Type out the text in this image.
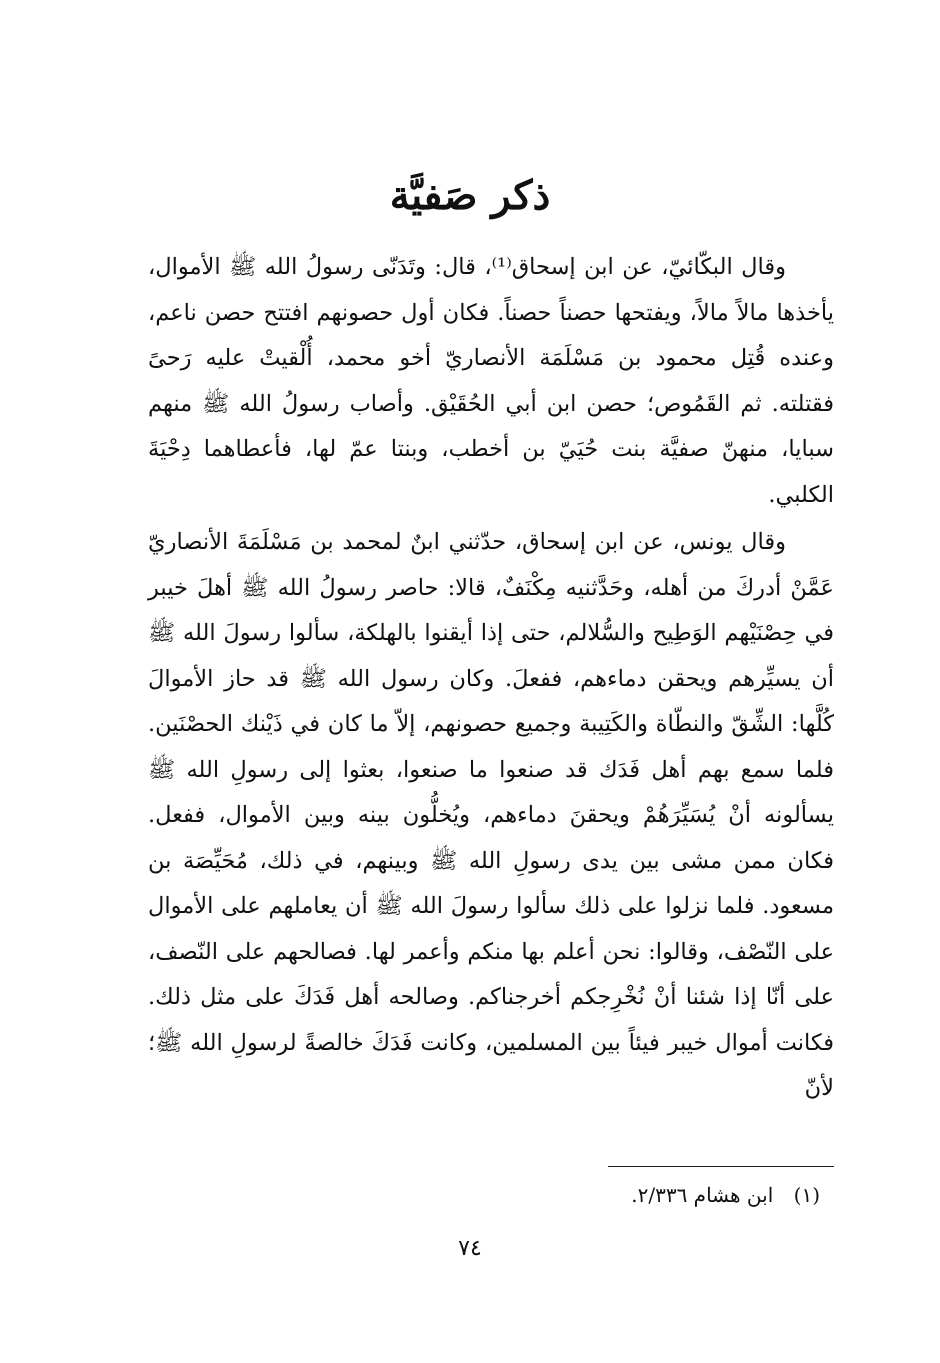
ذكر صَفيَّة

وقال البكّائيّ، عن ابن إسحاق⁽¹⁾، قال: وتَدَنّى رسولُ الله ﷺ الأموال، يأخذها مالاً مالاً، ويفتحها حصناً حصناً. فكان أول حصونهم افتتح حصن ناعم، وعنده قُتِل محمود بن مَسْلَمَة الأنصاريّ أخو محمد، أُلْقيتْ عليه رَحىً فقتلته. ثم القَمُوص؛ حصن ابن أبي الحُقَيْق. وأصاب رسولُ الله ﷺ منهم سبايا، منهنّ صفيَّة بنت حُيَيّ بن أخطب، وبنتا عمّ لها، فأعطاهما دِحْيَةَ الكلبي.

وقال يونس، عن ابن إسحاق، حدّثني ابنٌ لمحمد بن مَسْلَمَةَ الأنصاريّ عَمَّنْ أدركَ من أهله، وحَدَّثنيه مِكْنَفٌ، قالا: حاصر رسولُ الله ﷺ أهلَ خيبر في حِصْنَيْهم الوَطِيح والسُّلالم، حتى إذا أيقنوا بالهلكة، سألوا رسولَ الله ﷺ أن يسيِّرهم ويحقن دماءهم، ففعلَ. وكان رسول الله ﷺ قد حاز الأموالَ كُلَّها: الشِّقّ والنطّاة والكَتِيبة وجميع حصونهم، إلاّ ما كان في ذَيْنك الحصْنَين. فلما سمع بهم أهل فَدَك قد صنعوا ما صنعوا، بعثوا إلى رسولِ الله ﷺ يسألونه أنْ يُسَيِّرَهُمْ ويحقنَ دماءهم، ويُخلُّون بينه وبين الأموال، ففعل. فكان ممن مشى بين يدى رسولِ الله ﷺ وبينهم، في ذلك، مُحَيِّصَة بن مسعود. فلما نزلوا على ذلك سألوا رسولَ الله ﷺ أن يعاملهم على الأموال على النّصْف، وقالوا: نحن أعلم بها منكم وأعمر لها. فصالحهم على النّصف، على أنّا إذا شئنا أنْ نُخْرِجكم أخرجناكم. وصالحه أهل فَدَكَ على مثل ذلك. فكانت أموال خيبر فيئاً بين المسلمين، وكانت فَدَكَ خالصةً لرسولِ الله ﷺ؛ لأنّ

(١) ابن هشام ٢/٣٣٦.
٧٤
